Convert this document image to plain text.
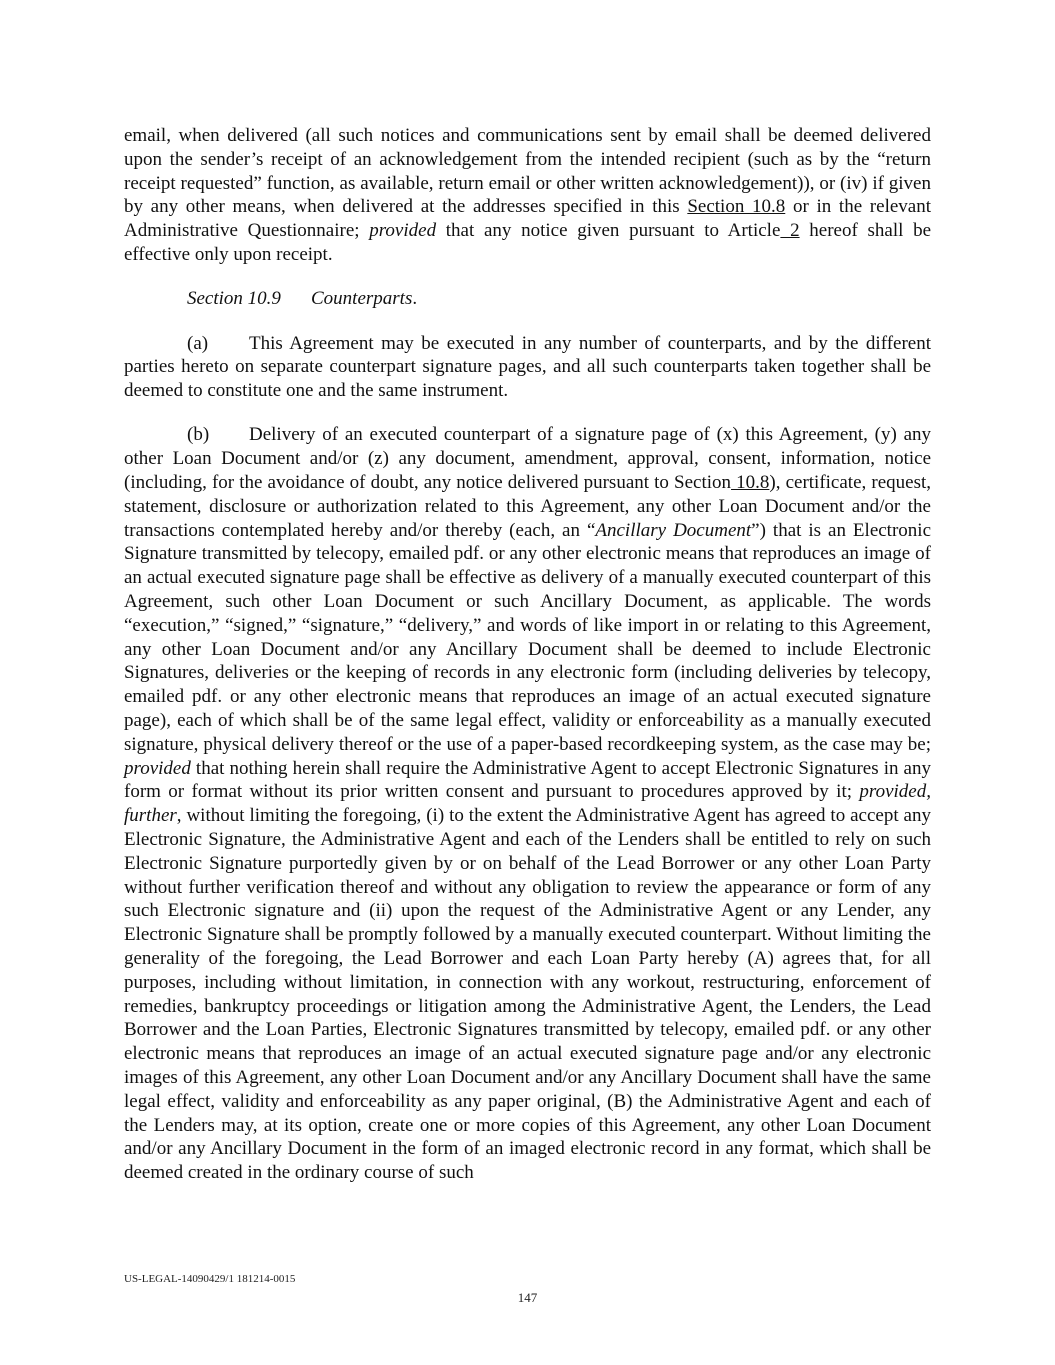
email, when delivered (all such notices and communications sent by email shall be deemed delivered upon the sender’s receipt of an acknowledgement from the intended recipient (such as by the “return receipt requested” function, as available, return email or other written acknowledgement)), or (iv) if given by any other means, when delivered at the addresses specified in this Section 10.8 or in the relevant Administrative Questionnaire; provided that any notice given pursuant to Article 2 hereof shall be effective only upon receipt.

Section 10.9 Counterparts.

(a) This Agreement may be executed in any number of counterparts, and by the different parties hereto on separate counterpart signature pages, and all such counterparts taken together shall be deemed to constitute one and the same instrument.

(b) Delivery of an executed counterpart of a signature page of (x) this Agreement, (y) any other Loan Document and/or (z) any document, amendment, approval, consent, information, notice (including, for the avoidance of doubt, any notice delivered pursuant to Section 10.8), certificate, request, statement, disclosure or authorization related to this Agreement, any other Loan Document and/or the transactions contemplated hereby and/or thereby (each, an “Ancillary Document”) that is an Electronic Signature transmitted by telecopy, emailed pdf. or any other electronic means that reproduces an image of an actual executed signature page shall be effective as delivery of a manually executed counterpart of this Agreement, such other Loan Document or such Ancillary Document, as applicable. The words “execution,” “signed,” “signature,” “delivery,” and words of like import in or relating to this Agreement, any other Loan Document and/or any Ancillary Document shall be deemed to include Electronic Signatures, deliveries or the keeping of records in any electronic form (including deliveries by telecopy, emailed pdf. or any other electronic means that reproduces an image of an actual executed signature page), each of which shall be of the same legal effect, validity or enforceability as a manually executed signature, physical delivery thereof or the use of a paper-based recordkeeping system, as the case may be; provided that nothing herein shall require the Administrative Agent to accept Electronic Signatures in any form or format without its prior written consent and pursuant to procedures approved by it; provided, further, without limiting the foregoing, (i) to the extent the Administrative Agent has agreed to accept any Electronic Signature, the Administrative Agent and each of the Lenders shall be entitled to rely on such Electronic Signature purportedly given by or on behalf of the Lead Borrower or any other Loan Party without further verification thereof and without any obligation to review the appearance or form of any such Electronic signature and (ii) upon the request of the Administrative Agent or any Lender, any Electronic Signature shall be promptly followed by a manually executed counterpart. Without limiting the generality of the foregoing, the Lead Borrower and each Loan Party hereby (A) agrees that, for all purposes, including without limitation, in connection with any workout, restructuring, enforcement of remedies, bankruptcy proceedings or litigation among the Administrative Agent, the Lenders, the Lead Borrower and the Loan Parties, Electronic Signatures transmitted by telecopy, emailed pdf. or any other electronic means that reproduces an image of an actual executed signature page and/or any electronic images of this Agreement, any other Loan Document and/or any Ancillary Document shall have the same legal effect, validity and enforceability as any paper original, (B) the Administrative Agent and each of the Lenders may, at its option, create one or more copies of this Agreement, any other Loan Document and/or any Ancillary Document in the form of an imaged electronic record in any format, which shall be deemed created in the ordinary course of such

US-LEGAL-14090429/1 181214-0015
147
